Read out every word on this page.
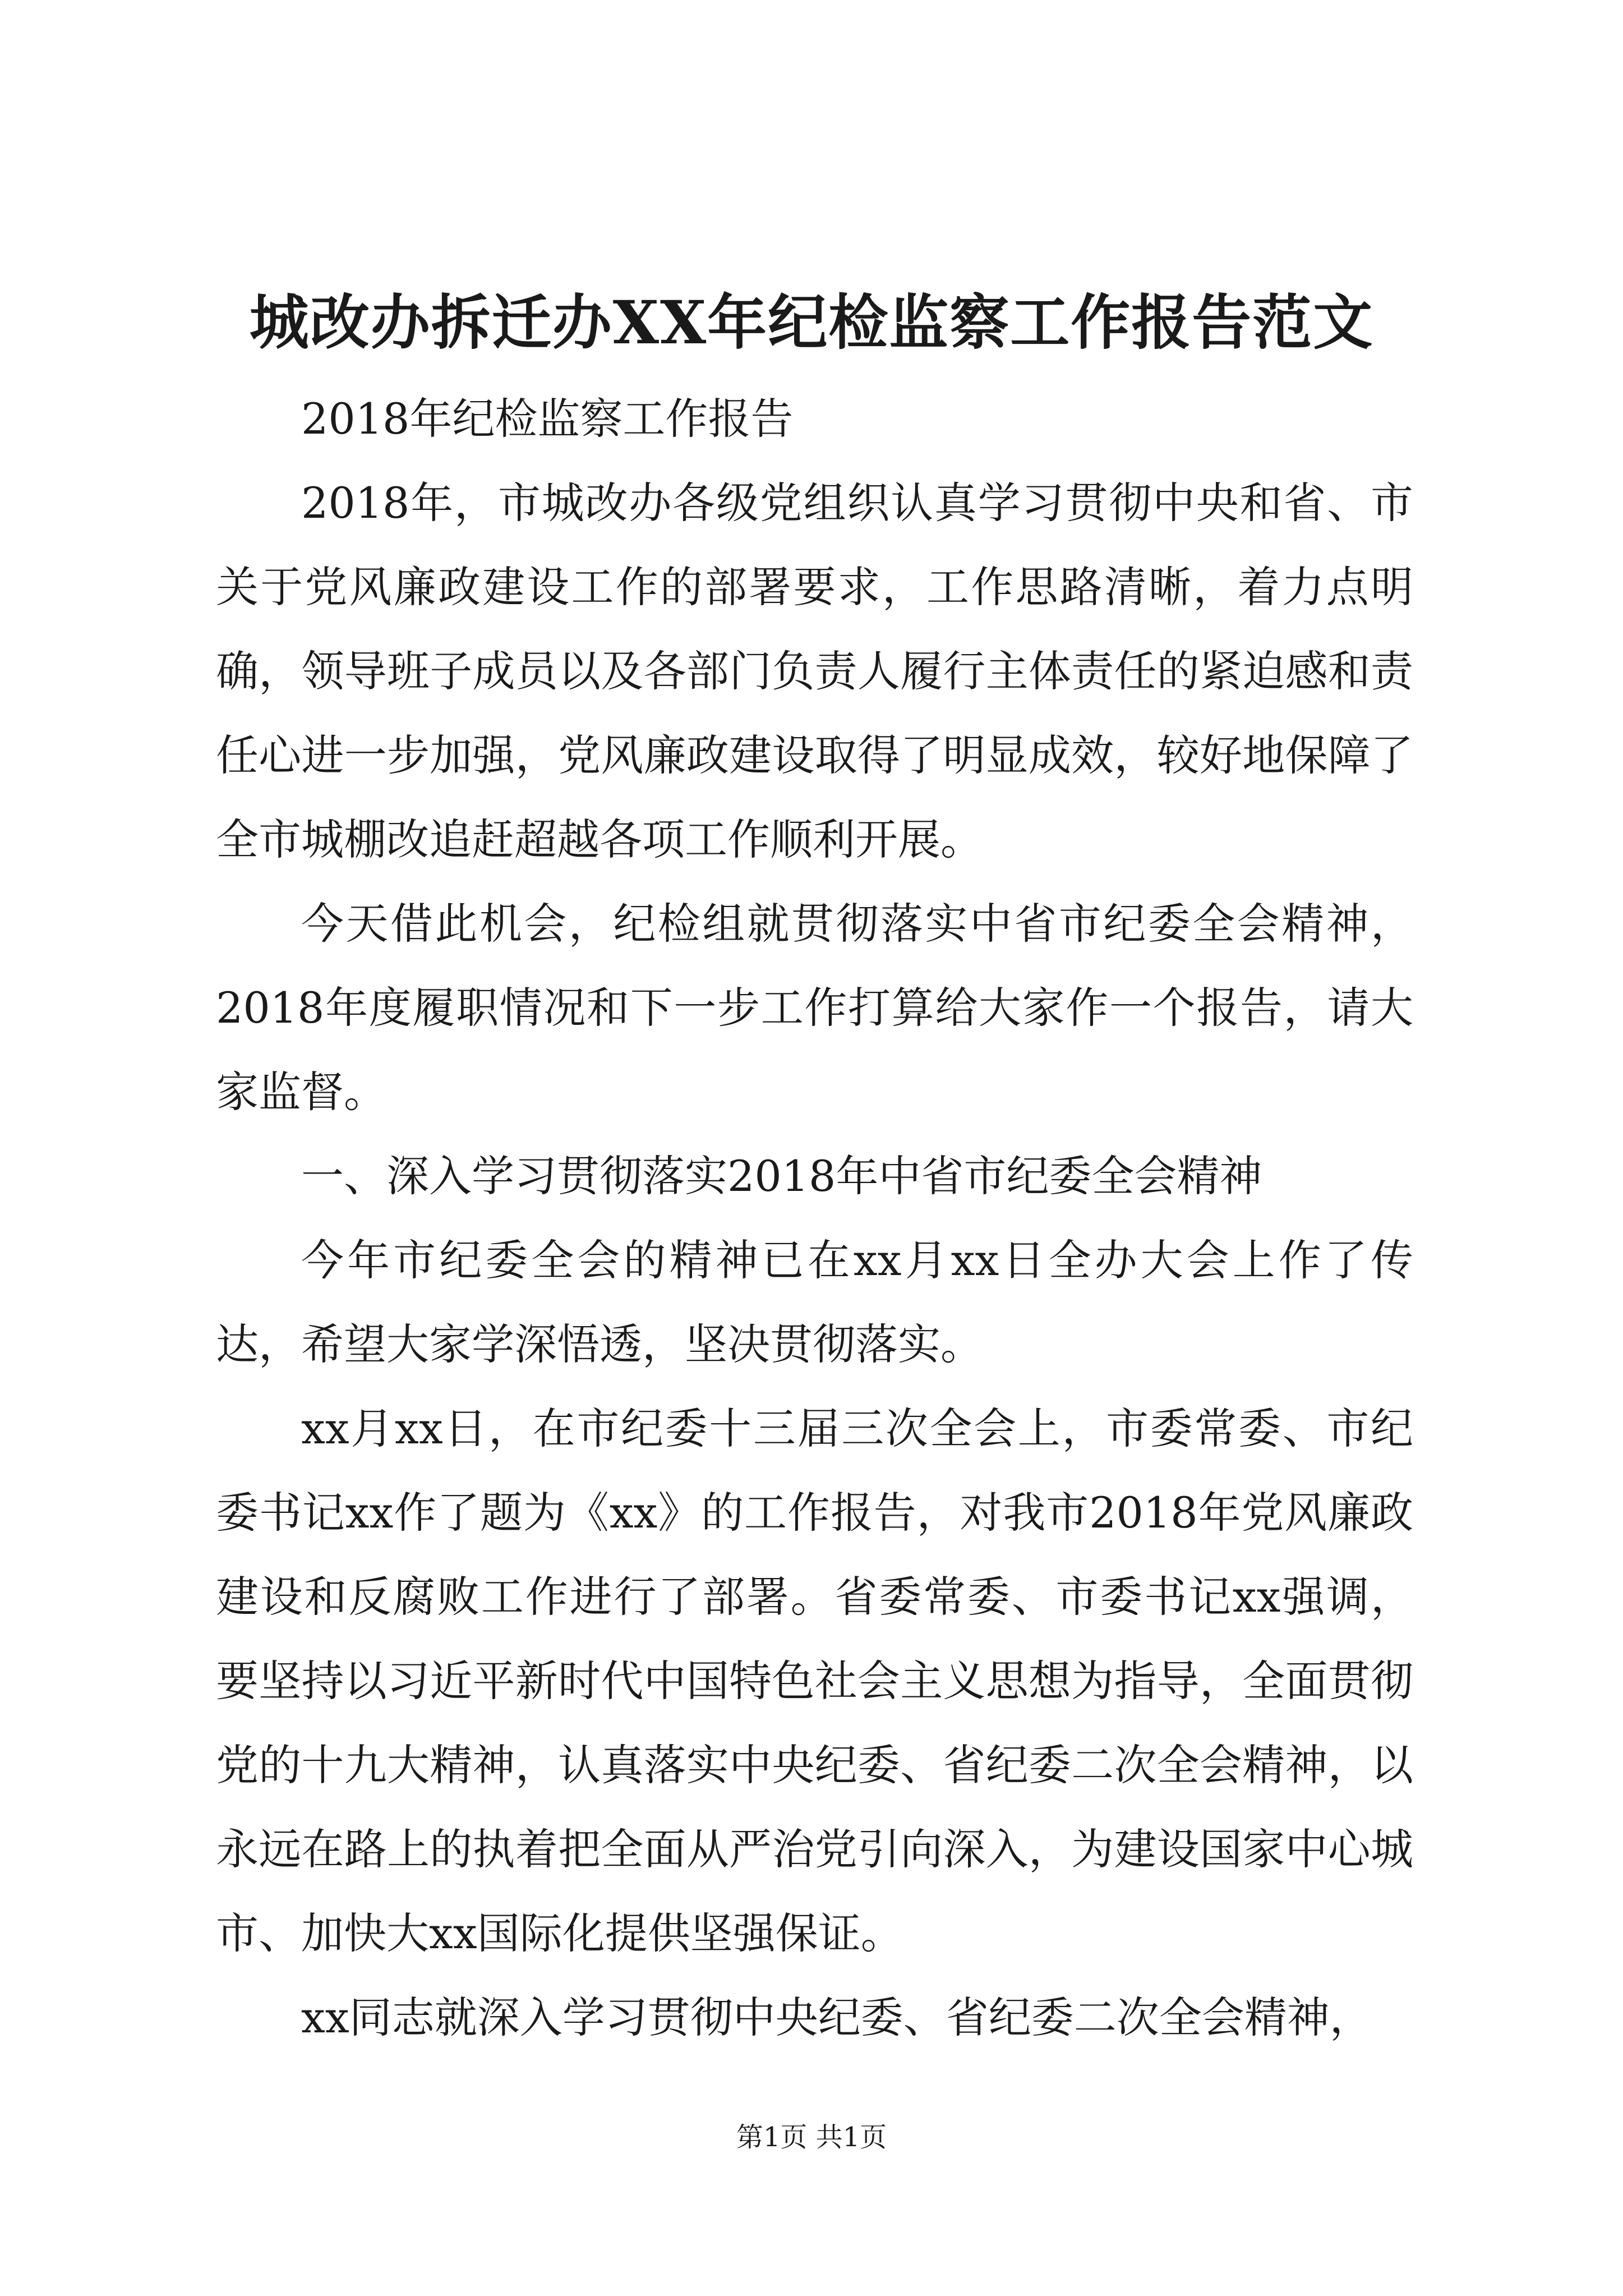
城改办拆迁办XX年纪检监察工作报告范文

2018年纪检监察工作报告

2018年，市城改办各级党组织认真学习贯彻中央和省、市关于党风廉政建设工作的部署要求，工作思路清晰，着力点明确，领导班子成员以及各部门负责人履行主体责任的紧迫感和责任心进一步加强，党风廉政建设取得了明显成效，较好地保障了全市城棚改追赶超越各项工作顺利开展。

今天借此机会，纪检组就贯彻落实中省市纪委全会精神，2018年度履职情况和下一步工作打算给大家作一个报告，请大家监督。

一、深入学习贯彻落实2018年中省市纪委全会精神

今年市纪委全会的精神已在xx月xx日全办大会上作了传达，希望大家学深悟透，坚决贯彻落实。

xx月xx日，在市纪委十三届三次全会上，市委常委、市纪委书记xx作了题为《xx》的工作报告，对我市2018年党风廉政建设和反腐败工作进行了部署。省委常委、市委书记xx强调，要坚持以习近平新时代中国特色社会主义思想为指导，全面贯彻党的十九大精神，认真落实中央纪委、省纪委二次全会精神，以永远在路上的执着把全面从严治党引向深入，为建设国家中心城市、加快大xx国际化提供坚强保证。

xx同志就深入学习贯彻中央纪委、省纪委二次全会精神，

第1页 共1页
